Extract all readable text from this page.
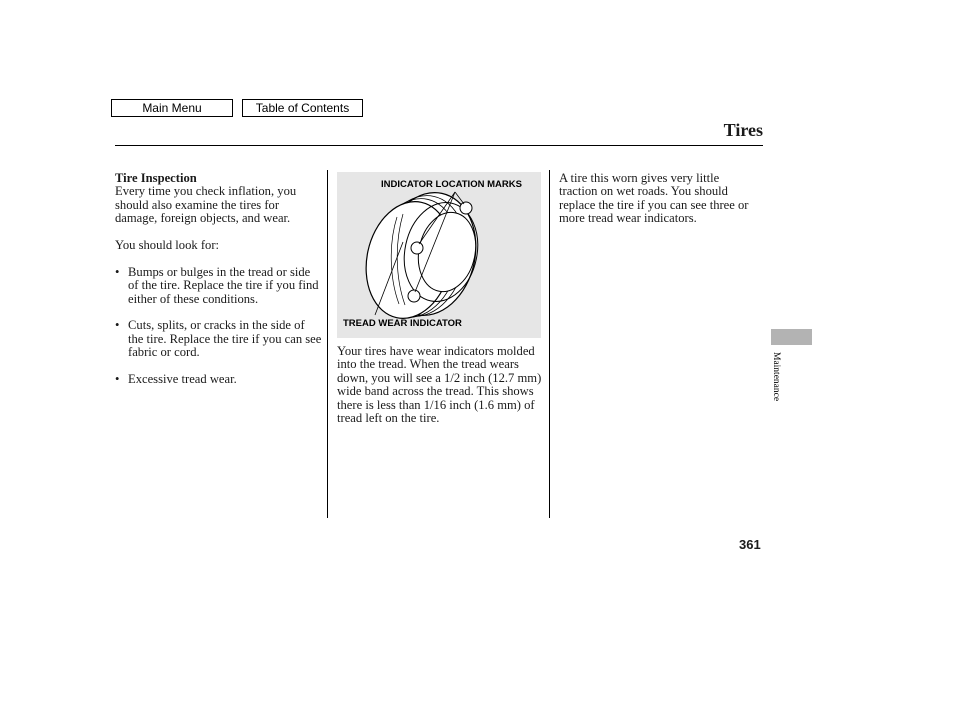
Main Menu	Table of Contents
Tires
Tire Inspection

Every time you check inflation, you should also examine the tires for damage, foreign objects, and wear.

You should look for:

• Bumps or bulges in the tread or side of the tire. Replace the tire if you find either of these conditions.
• Cuts, splits, or cracks in the side of the tire. Replace the tire if you can see fabric or cord.
• Excessive tread wear.
INDICATOR LOCATION MARKS
TREAD WEAR INDICATOR

Your tires have wear indicators molded into the tread. When the tread wears down, you will see a 1/2 inch (12.7 mm) wide band across the tread. This shows there is less than 1/16 inch (1.6 mm) of tread left on the tire.

A tire this worn gives very little traction on wet roads. You should replace the tire if you can see three or more tread wear indicators.

Maintenance
361
